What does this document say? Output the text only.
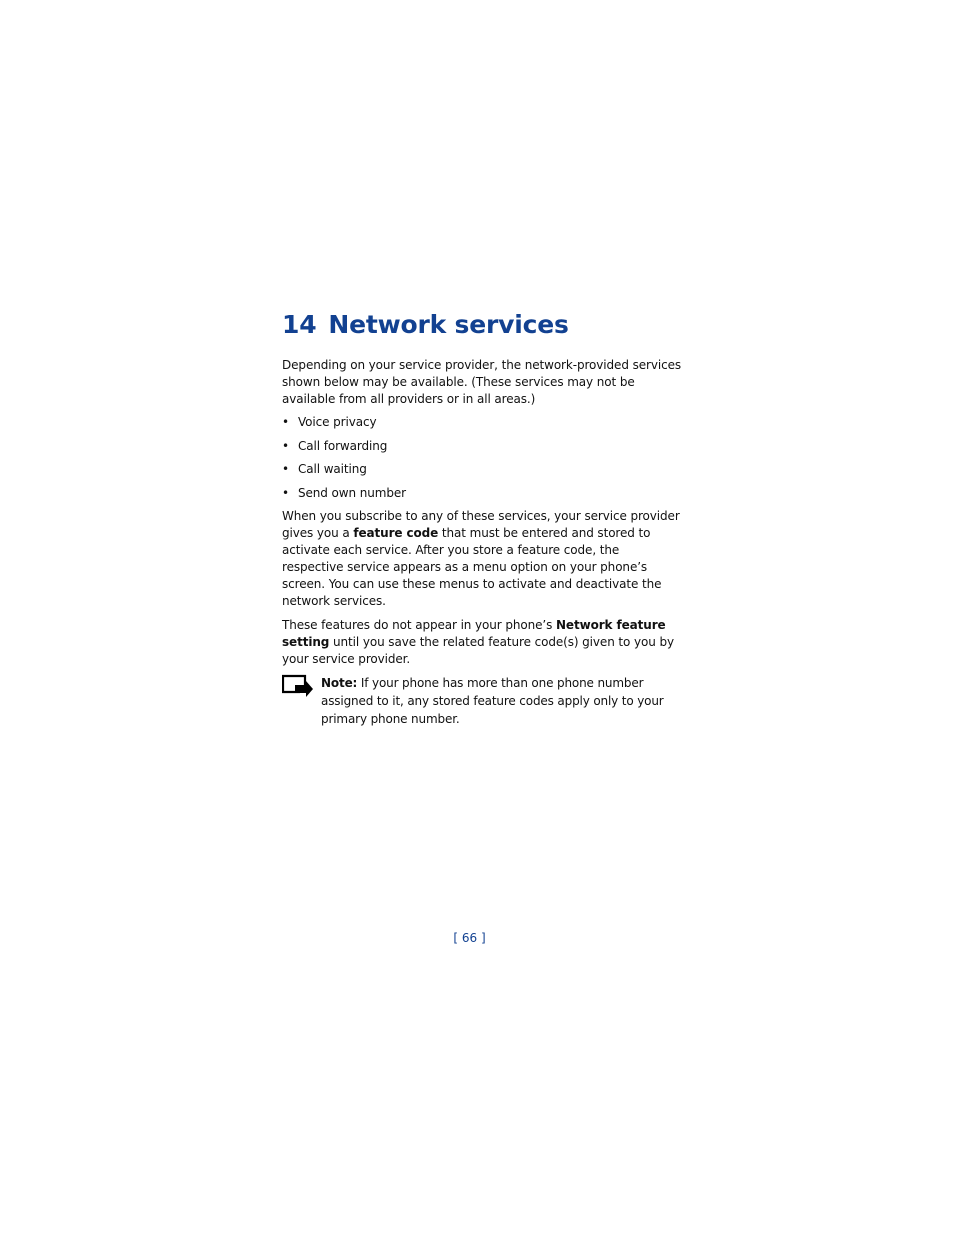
14 Network services

Depending on your service provider, the network-provided services shown below may be available. (These services may not be available from all providers or in all areas.)

• Voice privacy
• Call forwarding
• Call waiting
• Send own number

When you subscribe to any of these services, your service provider gives you a feature code that must be entered and stored to activate each service. After you store a feature code, the respective service appears as a menu option on your phone’s screen. You can use these menus to activate and deactivate the network services.

These features do not appear in your phone’s Network feature setting until you save the related feature code(s) given to you by your service provider.

Note: If your phone has more than one phone number assigned to it, any stored feature codes apply only to your primary phone number.
[ 66 ]
